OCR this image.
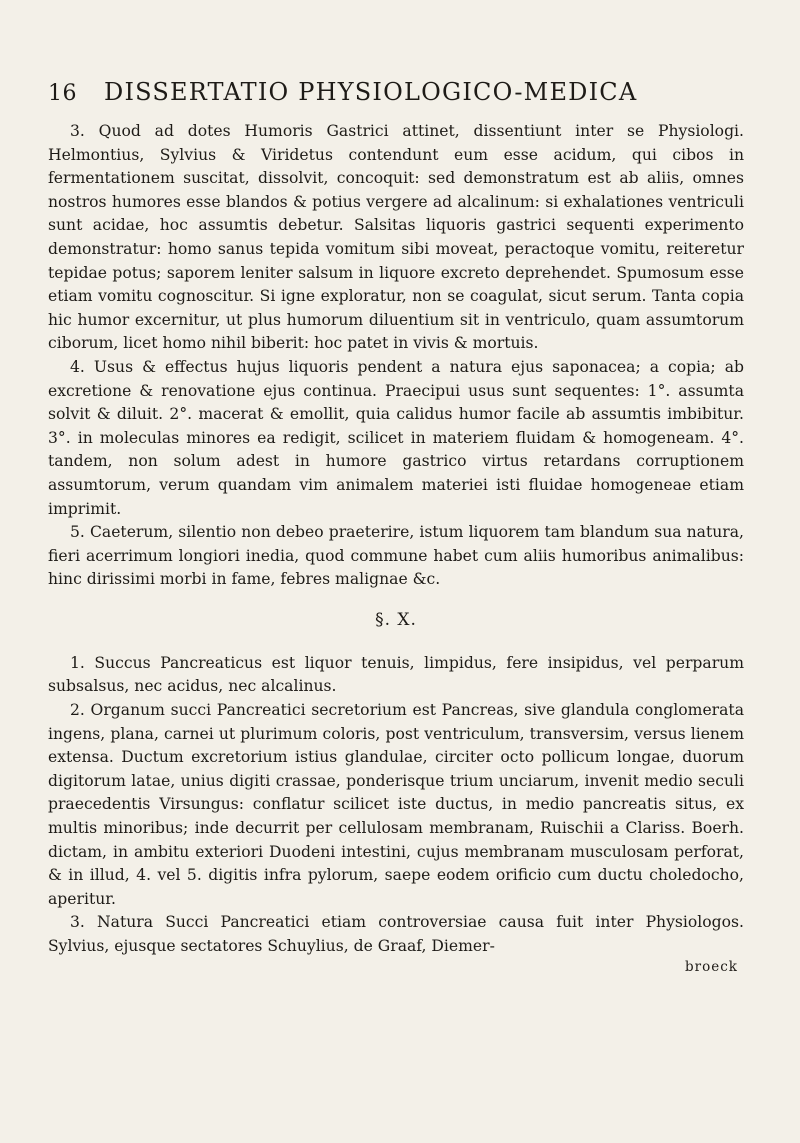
16	DISSERTATIO PHYSIOLOGICO-MEDICA

3. Quod ad dotes Humoris Gastrici attinet, dissentiunt inter se Physiologi. Helmontius, Sylvius & Viridetus contendunt eum esse acidum, qui cibos in fermentationem suscitat, dissolvit, concoquit: sed demonstratum est ab aliis, omnes nostros humores esse blandos & potius vergere ad alcalinum: si exhalationes ventriculi sunt acidae, hoc assumtis debetur. Salsitas liquoris gastrici sequenti experimento demonstratur: homo sanus tepida vomitum sibi moveat, peractoque vomitu, reiteretur tepidae potus; saporem leniter salsum in liquore excreto deprehendet. Spumosum esse etiam vomitu cognoscitur. Si igne exploratur, non se coagulat, sicut serum. Tanta copia hic humor excernitur, ut plus humorum diluentium sit in ventriculo, quam assumtorum ciborum, licet homo nihil biberit: hoc patet in vivis & mortuis.

4. Usus & effectus hujus liquoris pendent a natura ejus saponacea; a copia; ab excretione & renovatione ejus continua. Praecipui usus sunt sequentes: 1°. assumta solvit & diluit. 2°. macerat & emollit, quia calidus humor facile ab assumtis imbibitur. 3°. in moleculas minores ea redigit, scilicet in materiem fluidam & homogeneam. 4°. tandem, non solum adest in humore gastrico virtus retardans corruptionem assumtorum, verum quandam vim animalem materiei isti fluidae homogeneae etiam imprimit.

5. Caeterum, silentio non debeo praeterire, istum liquorem tam blandum sua natura, fieri acerrimum longiori inedia, quod commune habet cum aliis humoribus animalibus: hinc dirissimi morbi in fame, febres malignae &c.

§. X.

1. Succus Pancreaticus est liquor tenuis, limpidus, fere insipidus, vel perparum subsalsus, nec acidus, nec alcalinus.

2. Organum succi Pancreatici secretorium est Pancreas, sive glandula conglomerata ingens, plana, carnei ut plurimum coloris, post ventriculum, transversim, versus lienem extensa. Ductum excretorium istius glandulae, circiter octo pollicum longae, duorum digitorum latae, unius digiti crassae, ponderisque trium unciarum, invenit medio seculi praecedentis Virsungus: conflatur scilicet iste ductus, in medio pancreatis situs, ex multis minoribus; inde decurrit per cellulosam membranam, Ruischii a Clariss. Boerh. dictam, in ambitu exteriori Duodeni intestini, cujus membranam musculosam perforat, & in illud, 4. vel 5. digitis infra pylorum, saepe eodem orificio cum ductu choledocho, aperitur.

3. Natura Succi Pancreatici etiam controversiae causa fuit inter Physiologos. Sylvius, ejusque sectatores Schuylius, de Graaf, Diemer-

broeck
